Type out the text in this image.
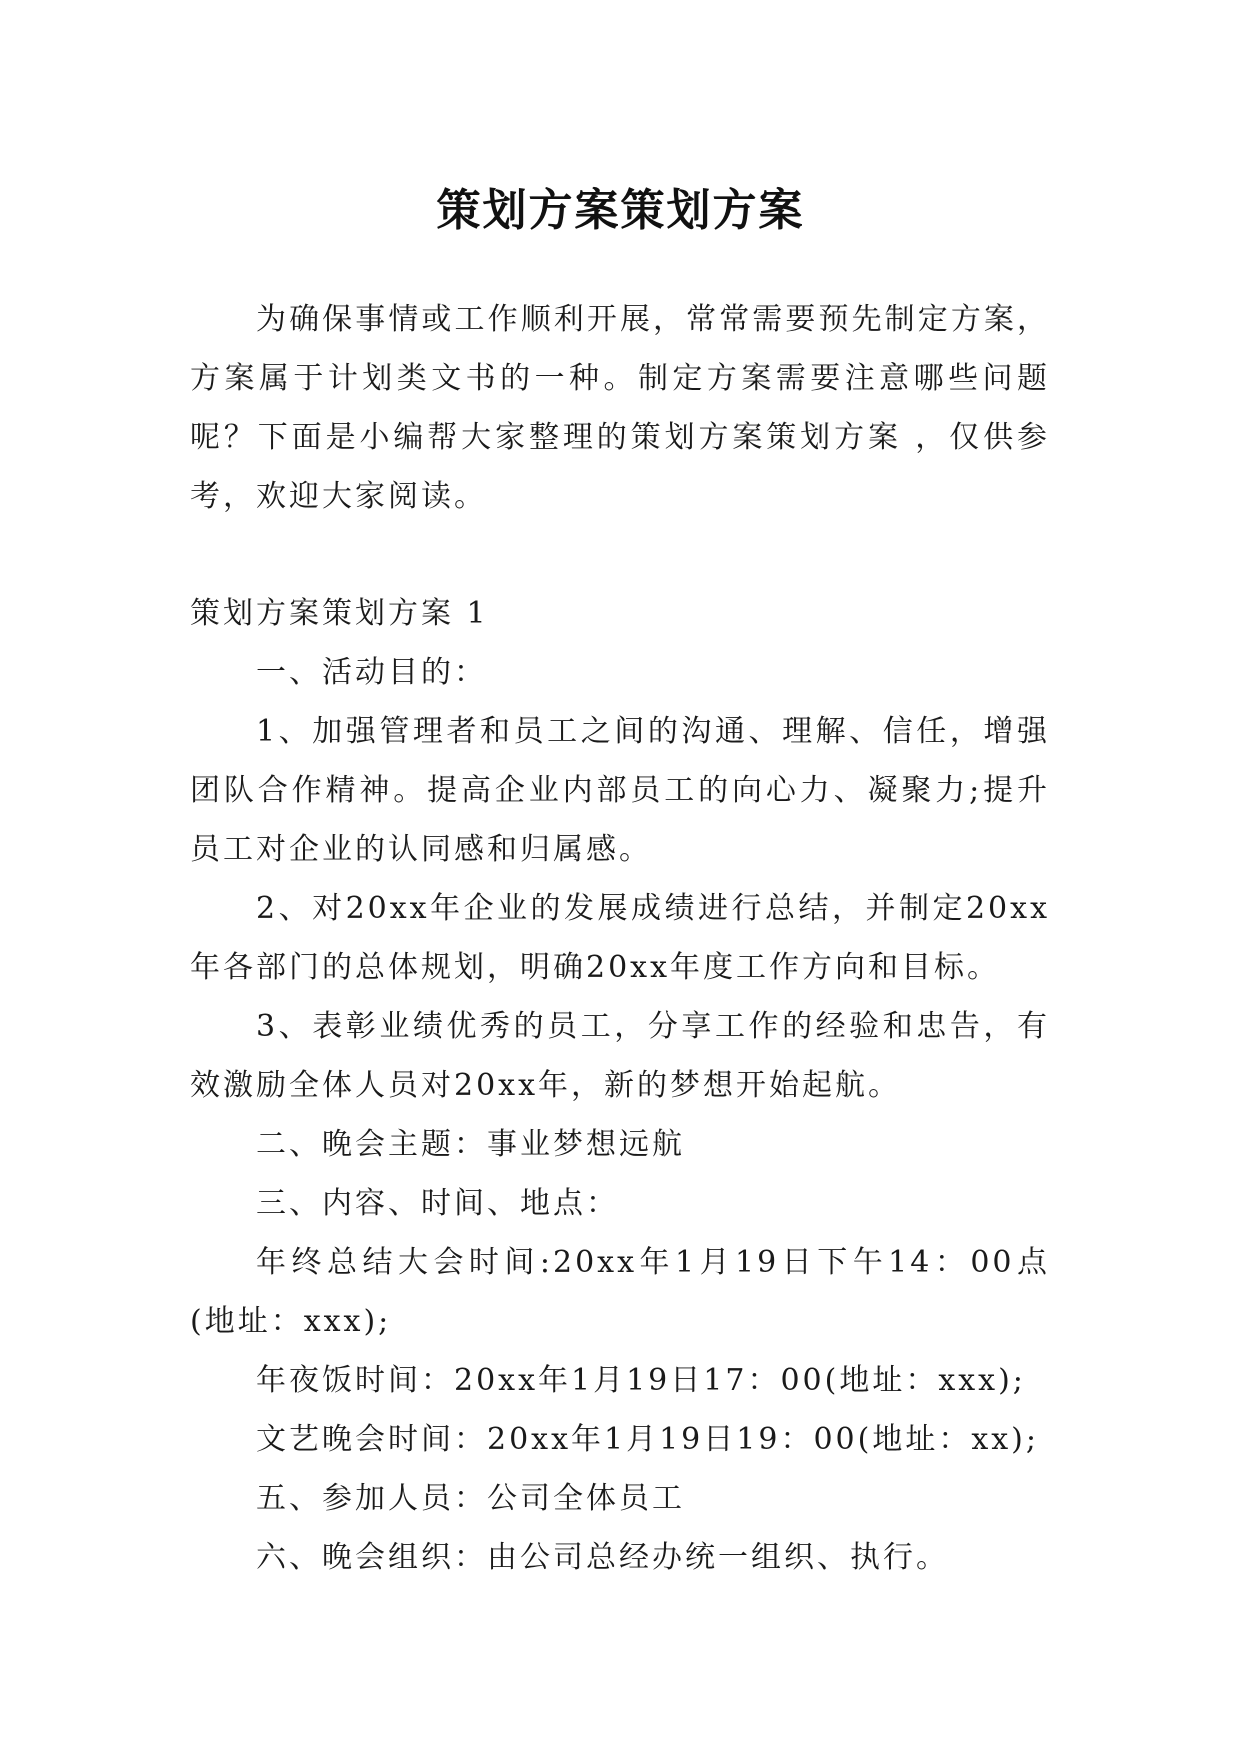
策划方案策划方案

为确保事情或工作顺利开展，常常需要预先制定方案，方案属于计划类文书的一种。制定方案需要注意哪些问题呢？下面是小编帮大家整理的策划方案策划方案 ，仅供参考，欢迎大家阅读。

策划方案策划方案 1

一、活动目的：

1、加强管理者和员工之间的沟通、理解、信任，增强团队合作精神。提高企业内部员工的向心力、凝聚力;提升员工对企业的认同感和归属感。

2、对20xx年企业的发展成绩进行总结，并制定20xx年各部门的总体规划，明确20xx年度工作方向和目标。

3、表彰业绩优秀的员工，分享工作的经验和忠告，有效激励全体人员对20xx年，新的梦想开始起航。

二、晚会主题：事业梦想远航

三、内容、时间、地点：

年终总结大会时间:20xx年1月19日下午14：00点(地址：xxx);

年夜饭时间：20xx年1月19日17：00(地址：xxx);

文艺晚会时间：20xx年1月19日19：00(地址：xx);

五、参加人员：公司全体员工

六、晚会组织：由公司总经办统一组织、执行。
